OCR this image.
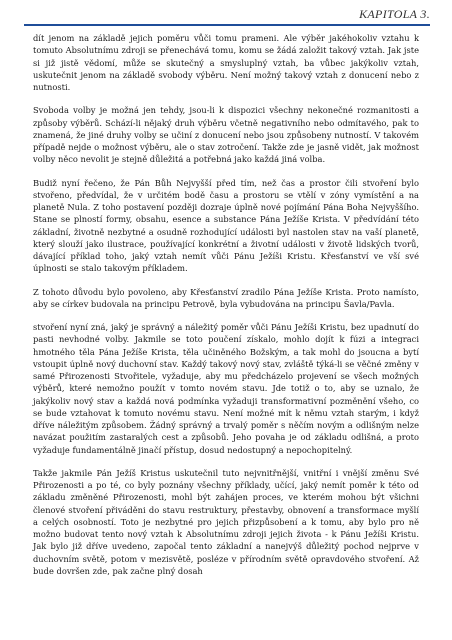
KAPITOLA 3.

dít jenom na základě jejich poměru vůči tomu prameni. Ale výběr jakéhokoliv vztahu k tomuto Absolutnímu zdroji se přenechává tomu, komu se žádá založit takový vztah. Jak jste si již jistě vědomí, může se skutečný a smysluplný vztah, ba vůbec jakýkoliv vztah, uskutečnit jenom na základě svobody výběru. Není možný takový vztah z donucení nebo z nutnosti.

Svoboda volby je možná jen tehdy, jsou-li k dispozici všechny nekonečné rozmanitosti a způsoby výběrů. Schází-li nějaký druh výběru včetně negativního nebo odmítavého, pak to znamená, že jiné druhy volby se učiní z donucení nebo jsou způsobeny nutností. V takovém případě nejde o možnost výběru, ale o stav zotročení. Takže zde je jasně vidět, jak možnost volby něco nevolit je stejně důležitá a potřebná jako každá jiná volba.

Budiž nyní řečeno, že Pán Bůh Nejvyšší před tím, než čas a prostor čili stvoření bylo stvořeno, předvídal, že v určitém bodě času a prostoru se vtělí v zóny vymístění a na planetě Nula. Z toho postavení později dozraje úplně nové pojímání Pána Boha Nejvyššího. Stane se plností formy, obsahu, esence a substance Pána Ježíše Krista. V předvídání této základní, životně nezbytné a osudně rozhodující události byl nastolen stav na vaší planetě, který slouží jako ilustrace, používající konkrétní a životní události v životě lidských tvorů, dávající příklad toho, jaký vztah nemít vůči Pánu Ježíši Kristu. Křesťanství ve vší své úplnosti se stalo takovým příkladem.

Z tohoto důvodu bylo povoleno, aby Křesťanství zradilo Pána Ježíše Krista. Proto namísto, aby se církev budovala na principu Petrově, byla vybudována na principu Šavla/Pavla.

stvoření nyní zná, jaký je správný a náležitý poměr vůči Pánu Ježíši Kristu, bez upadnutí do pasti nevhodné volby. Jakmile se toto poučení získalo, mohlo dojít k fúzi a integraci hmotného těla Pána Ježíše Krista, těla učiněného Božským, a tak mohl do jsoucna a bytí vstoupit úplně nový duchovní stav. Každý takový nový stav, zvláště týká-li se věčné změny v samé Přirozenosti Stvořitele, vyžaduje, aby mu předcházelo projevení se všech možných výběrů, které nemožno použít v tomto novém stavu. Jde totiž o to, aby se uznalo, že jakýkoliv nový stav a každá nová podmínka vyžaduji transformativní pozměnění všeho, co se bude vztahovat k tomuto novému stavu. Není možné mít k němu vztah starým, i když dříve náležitým způsobem. Žádný správný a trvalý poměr s něčím novým a odlišným nelze navázat použitím zastaralých cest a způsobů. Jeho povaha je od základu odlišná, a proto vyžaduje fundamentálně jinačí přístup, dosud nedostupný a nepochopitelný.

Takže jakmile Pán Ježíš Kristus uskutečnil tuto nejvnitřnější, vnitřní i vnější změnu Své Přirozenosti a po té, co byly poznány všechny příklady, učící, jaký nemít poměr k této od základu změněné Přirozenosti, mohl být zahájen proces, ve kterém mohou být všichni členové stvoření přiváděni do stavu restruktury, přestavby, obnovení a transformace myšlí a celých osobností. Toto je nezbytné pro jejich přizpůsobení a k tomu, aby bylo pro ně možno budovat tento nový vztah k Absolutnímu zdroji jejich života - k Pánu Ježíši Kristu. Jak bylo již dříve uvedeno, započal tento základní a nanejvýš důležitý pochod nejprve v duchovním světě, potom v mezisvětě, posléze v přírodním světě opravdového stvoření. Až bude dovršen zde, pak začne plný dosah
